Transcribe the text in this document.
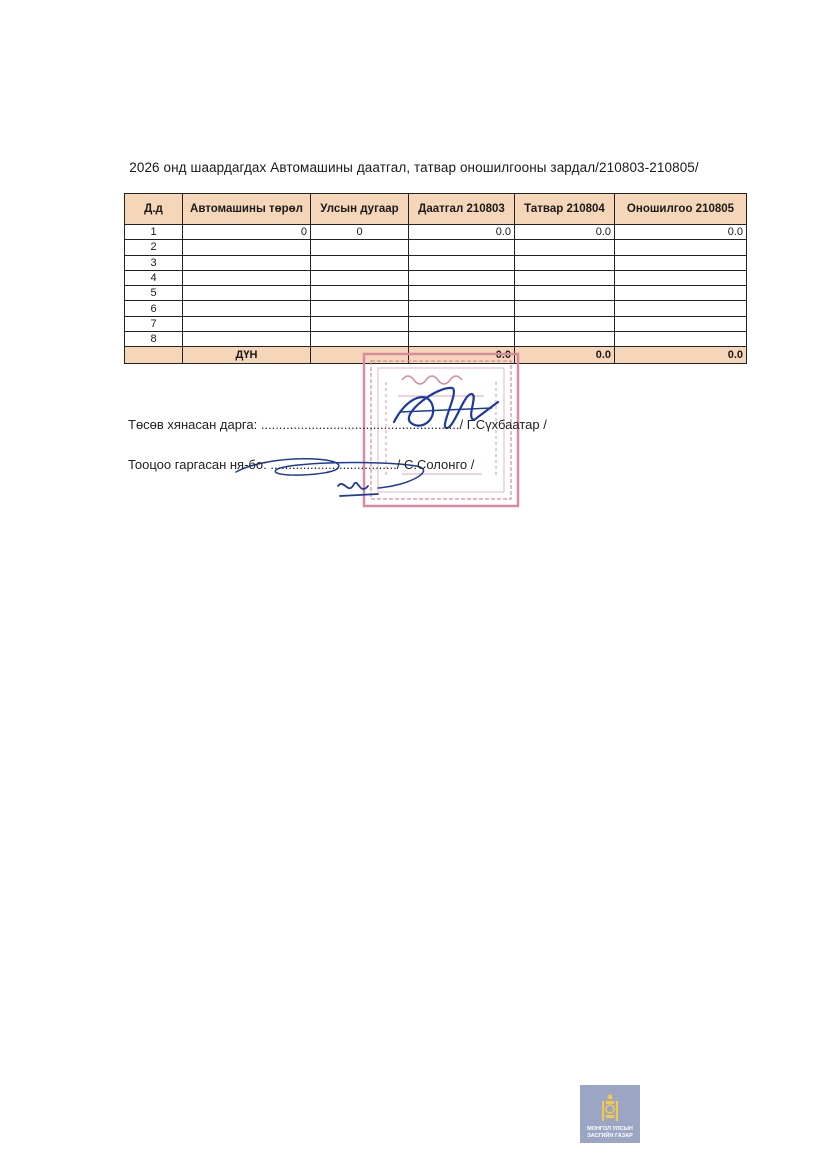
2026 онд шаардагдах Автомашины даатгал, татвар оношилгооны зардал/210803-210805/
Д.д	Автомашины төрөл	Улсын дугаар	Даатгал 210803	Татвар 210804	Оношилгоо 210805
1	0	0	0.0	0.0	0.0
2					
3					
4					
5					
6					
7					
8					
	ДҮН		0.0	0.0	0.0
Төсөв хянасан дарга: ......................................................./ Г.Сүхбаатар /
Тооцоо гаргасан ня-бо: .................................../ С.Солонго /
МОНГОЛ УЛСЫН
ЗАСГИЙН ГАЗАР
